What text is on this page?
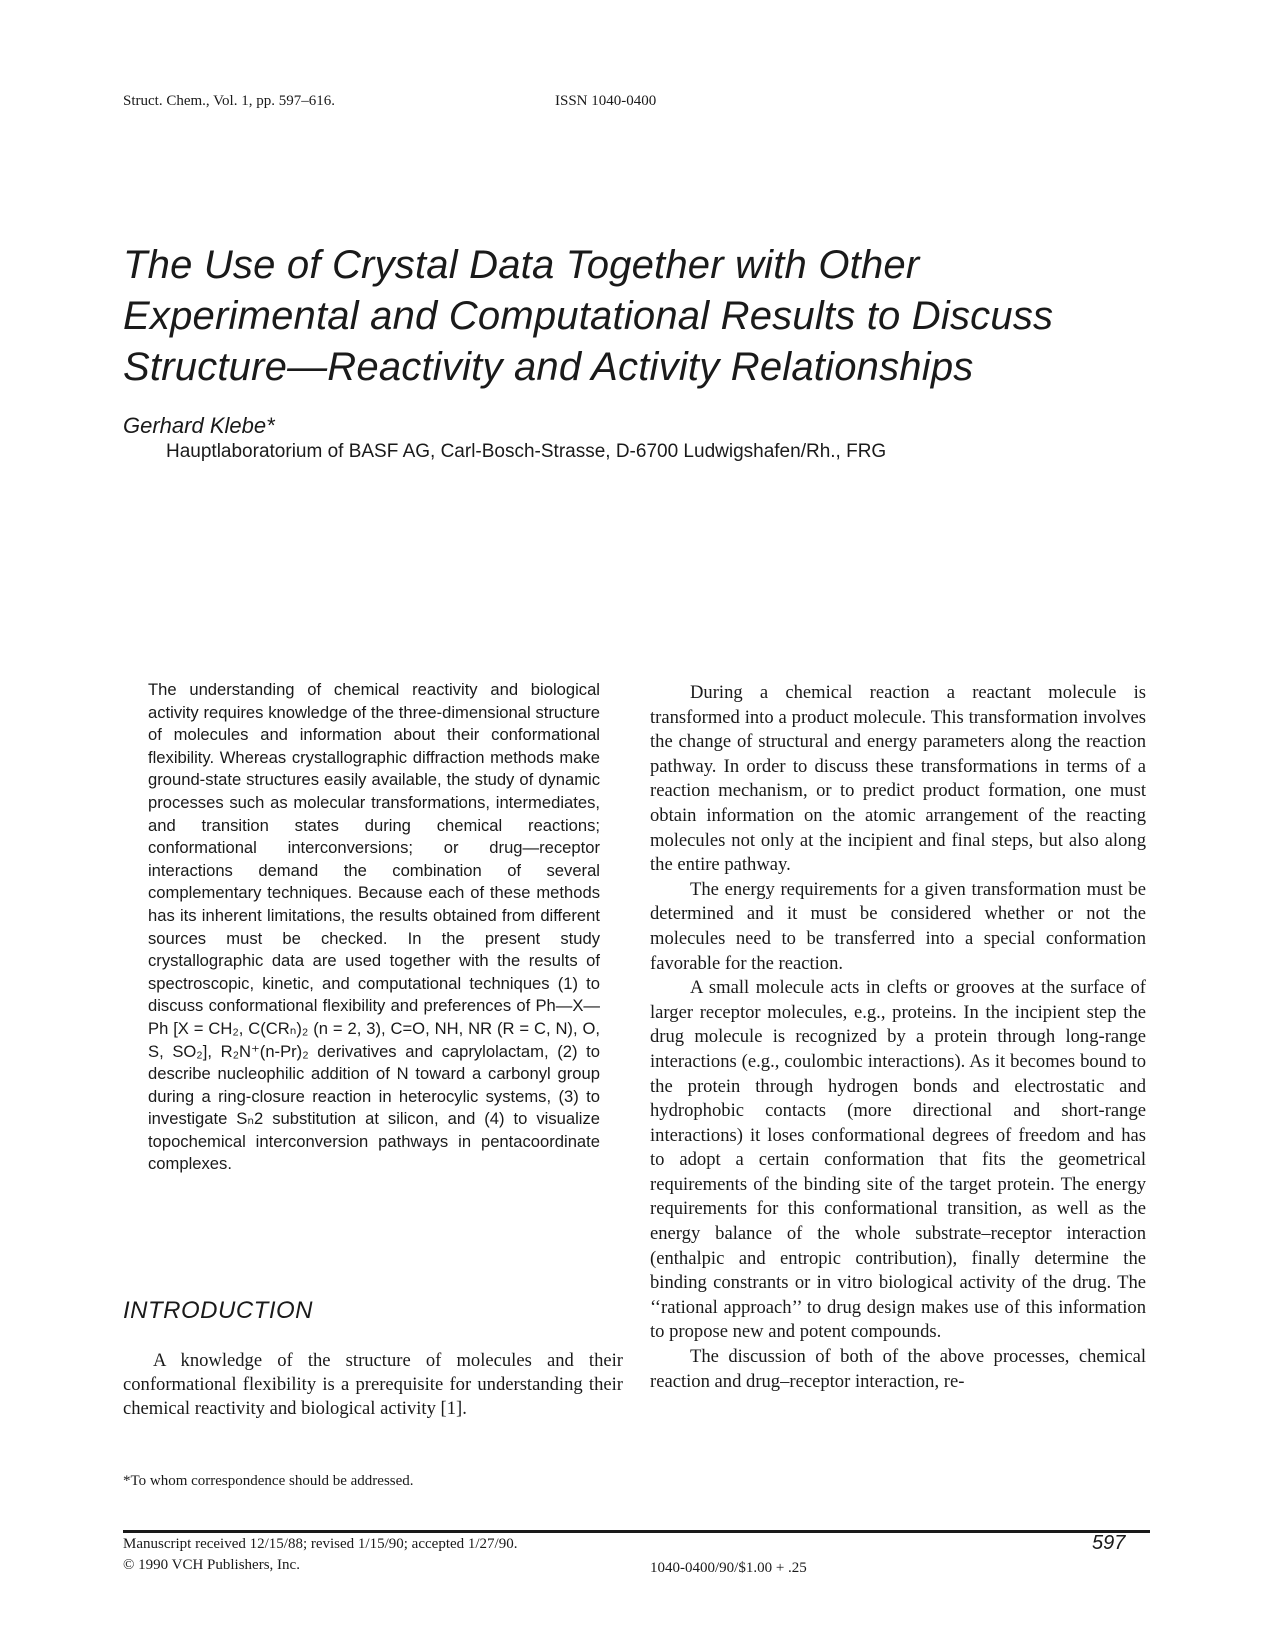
Struct. Chem., Vol. 1, pp. 597–616.	ISSN 1040-0400
The Use of Crystal Data Together with Other Experimental and Computational Results to Discuss Structure—Reactivity and Activity Relationships
Gerhard Klebe*
Hauptlaboratorium of BASF AG, Carl-Bosch-Strasse, D-6700 Ludwigshafen/Rh., FRG

The understanding of chemical reactivity and biological activity requires knowledge of the three-dimensional structure of molecules and information about their conformational flexibility. Whereas crystallographic diffraction methods make ground-state structures easily available, the study of dynamic processes such as molecular transformations, intermediates, and transition states during chemical reactions; conformational interconversions; or drug—receptor interactions demand the combination of several complementary techniques. Because each of these methods has its inherent limitations, the results obtained from different sources must be checked. In the present study crystallographic data are used together with the results of spectroscopic, kinetic, and computational techniques (1) to discuss conformational flexibility and preferences of Ph—X—Ph [X = CH₂, C(CRₙ)₂ (n = 2, 3), C=O, NH, NR (R = C, N), O, S, SO₂], R₂N⁺(n-Pr)₂ derivatives and caprylolactam, (2) to describe nucleophilic addition of N toward a carbonyl group during a ring-closure reaction in heterocylic systems, (3) to investigate Sₙ2 substitution at silicon, and (4) to visualize topochemical interconversion pathways in pentacoordinate complexes.

INTRODUCTION

A knowledge of the structure of molecules and their conformational flexibility is a prerequisite for understanding their chemical reactivity and biological activity [1].

*To whom correspondence should be addressed.

During a chemical reaction a reactant molecule is transformed into a product molecule. This transformation involves the change of structural and energy parameters along the reaction pathway. In order to discuss these transformations in terms of a reaction mechanism, or to predict product formation, one must obtain information on the atomic arrangement of the reacting molecules not only at the incipient and final steps, but also along the entire pathway.

The energy requirements for a given transformation must be determined and it must be considered whether or not the molecules need to be transferred into a special conformation favorable for the reaction.

A small molecule acts in clefts or grooves at the surface of larger receptor molecules, e.g., proteins. In the incipient step the drug molecule is recognized by a protein through long-range interactions (e.g., coulombic interactions). As it becomes bound to the protein through hydrogen bonds and electrostatic and hydrophobic contacts (more directional and short-range interactions) it loses conformational degrees of freedom and has to adopt a certain conformation that fits the geometrical requirements of the binding site of the target protein. The energy requirements for this conformational transition, as well as the energy balance of the whole substrate–receptor interaction (enthalpic and entropic contribution), finally determine the binding constrants or in vitro biological activity of the drug. The ‘‘rational approach’’ to drug design makes use of this information to propose new and potent compounds.

The discussion of both of the above processes, chemical reaction and drug–receptor interaction, re-

Manuscript received 12/15/88; revised 1/15/90; accepted 1/27/90.
© 1990 VCH Publishers, Inc.	1040-0400/90/$1.00 + .25
597
